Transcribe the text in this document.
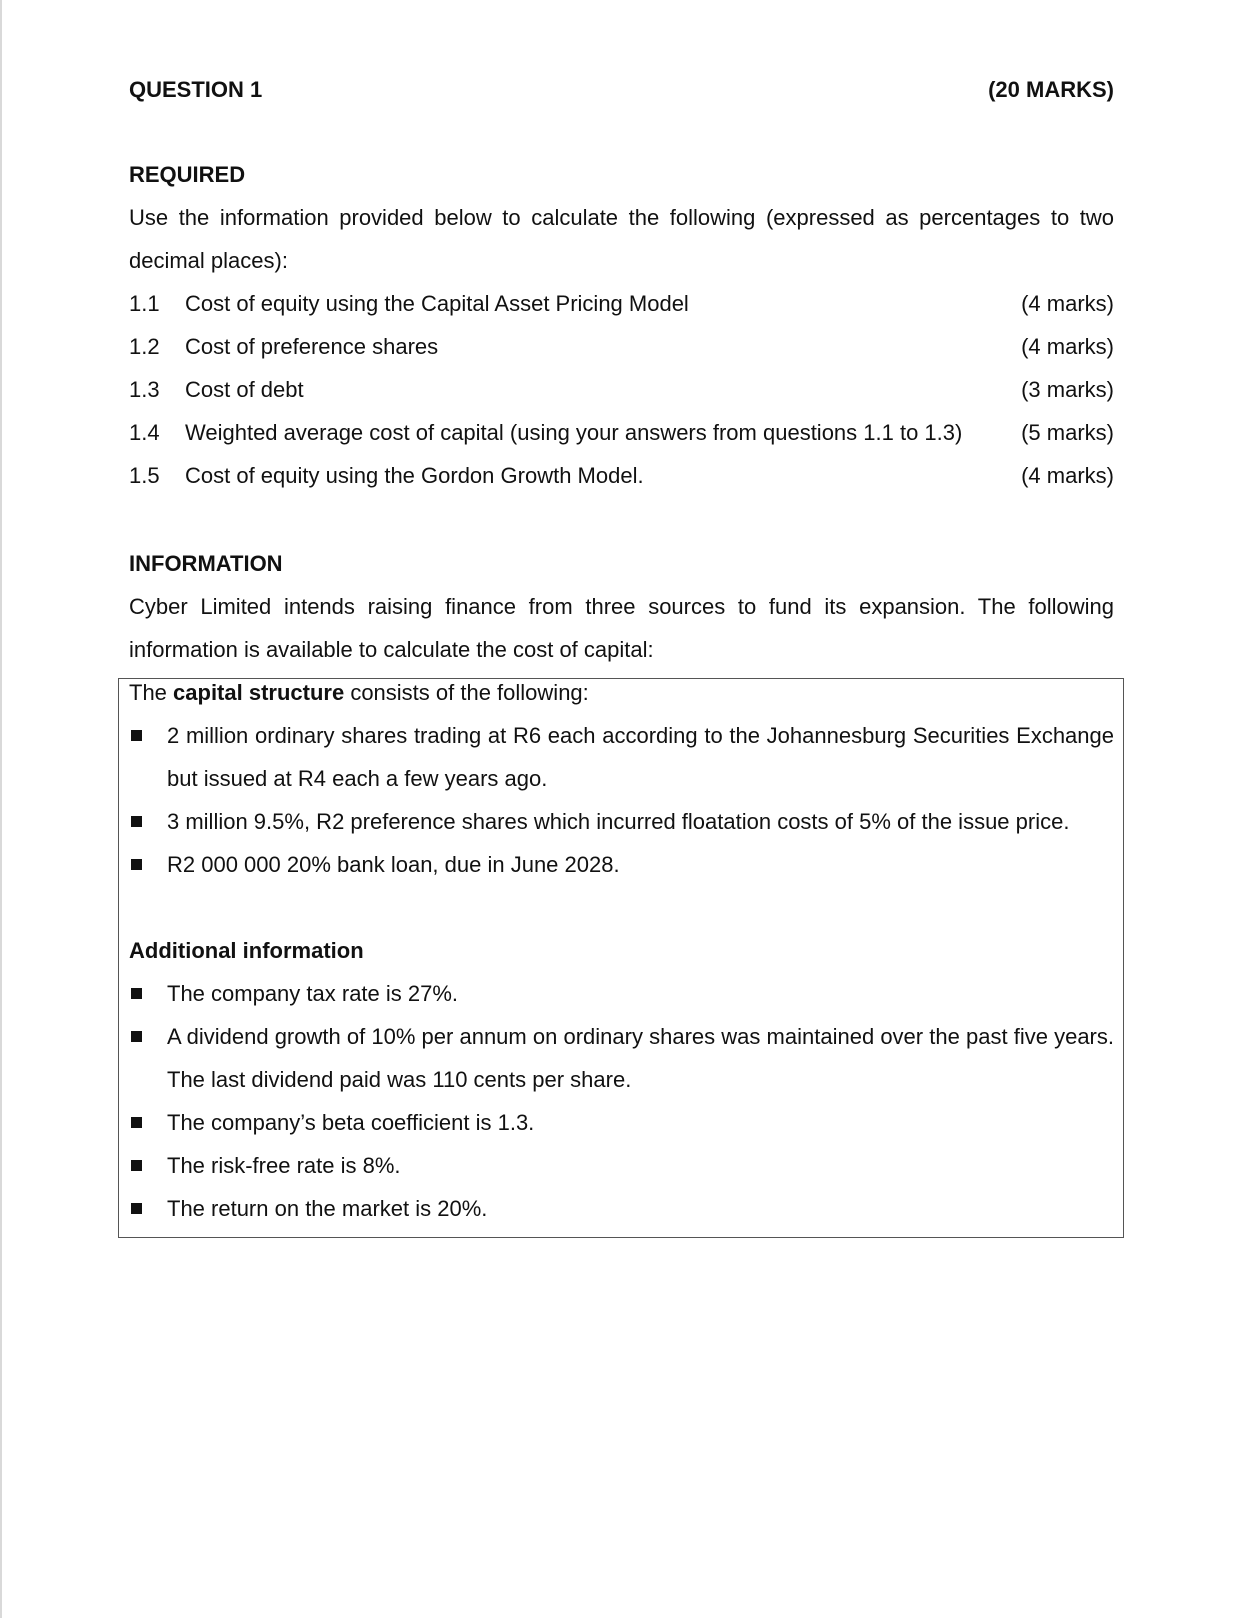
QUESTION 1	(20 MARKS)
REQUIRED
Use the information provided below to calculate the following (expressed as percentages to two decimal places):
1.1 Cost of equity using the Capital Asset Pricing Model	(4 marks)
1.2 Cost of preference shares	(4 marks)
1.3 Cost of debt	(3 marks)
1.4 Weighted average cost of capital (using your answers from questions 1.1 to 1.3)	(5 marks)
1.5 Cost of equity using the Gordon Growth Model.	(4 marks)
INFORMATION
Cyber Limited intends raising finance from three sources to fund its expansion. The following information is available to calculate the cost of capital:
The capital structure consists of the following:
2 million ordinary shares trading at R6 each according to the Johannesburg Securities Exchange but issued at R4 each a few years ago.
3 million 9.5%, R2 preference shares which incurred floatation costs of 5% of the issue price.
R2 000 000 20% bank loan, due in June 2028.
Additional information
The company tax rate is 27%.
A dividend growth of 10% per annum on ordinary shares was maintained over the past five years. The last dividend paid was 110 cents per share.
The company’s beta coefficient is 1.3.
The risk-free rate is 8%.
The return on the market is 20%.
